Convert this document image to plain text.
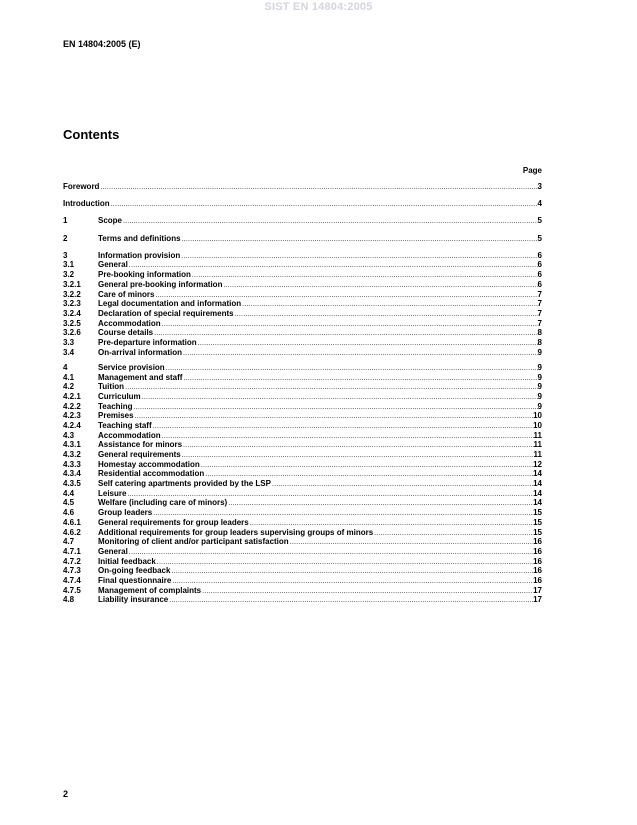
SIST EN 14804:2005
EN 14804:2005 (E)
Contents
Page
Foreword .....	3
Introduction .....	4
1	Scope .....	5
2	Terms and definitions .....	5
3	Information provision .....	6
3.1	General .....	6
3.2	Pre-booking information .....	6
3.2.1	General pre-booking information .....	6
3.2.2	Care of minors .....	7
3.2.3	Legal documentation and information .....	7
3.2.4	Declaration of special requirements .....	7
3.2.5	Accommodation .....	7
3.2.6	Course details .....	8
3.3	Pre-departure information .....	8
3.4	On-arrival information .....	9
4	Service provision .....	9
4.1	Management and staff .....	9
4.2	Tuition .....	9
4.2.1	Curriculum .....	9
4.2.2	Teaching .....	9
4.2.3	Premises .....	10
4.2.4	Teaching staff .....	10
4.3	Accommodation .....	11
4.3.1	Assistance for minors .....	11
4.3.2	General requirements .....	11
4.3.3	Homestay accommodation .....	12
4.3.4	Residential accommodation .....	14
4.3.5	Self catering apartments provided by the LSP .....	14
4.4	Leisure .....	14
4.5	Welfare (including care of minors) .....	14
4.6	Group leaders .....	15
4.6.1	General requirements for group leaders .....	15
4.6.2	Additional requirements for group leaders supervising groups of minors .....	15
4.7	Monitoring of client and/or participant satisfaction .....	16
4.7.1	General .....	16
4.7.2	Initial feedback .....	16
4.7.3	On-going feedback .....	16
4.7.4	Final questionnaire .....	16
4.7.5	Management of complaints .....	17
4.8	Liability insurance .....	17
2
